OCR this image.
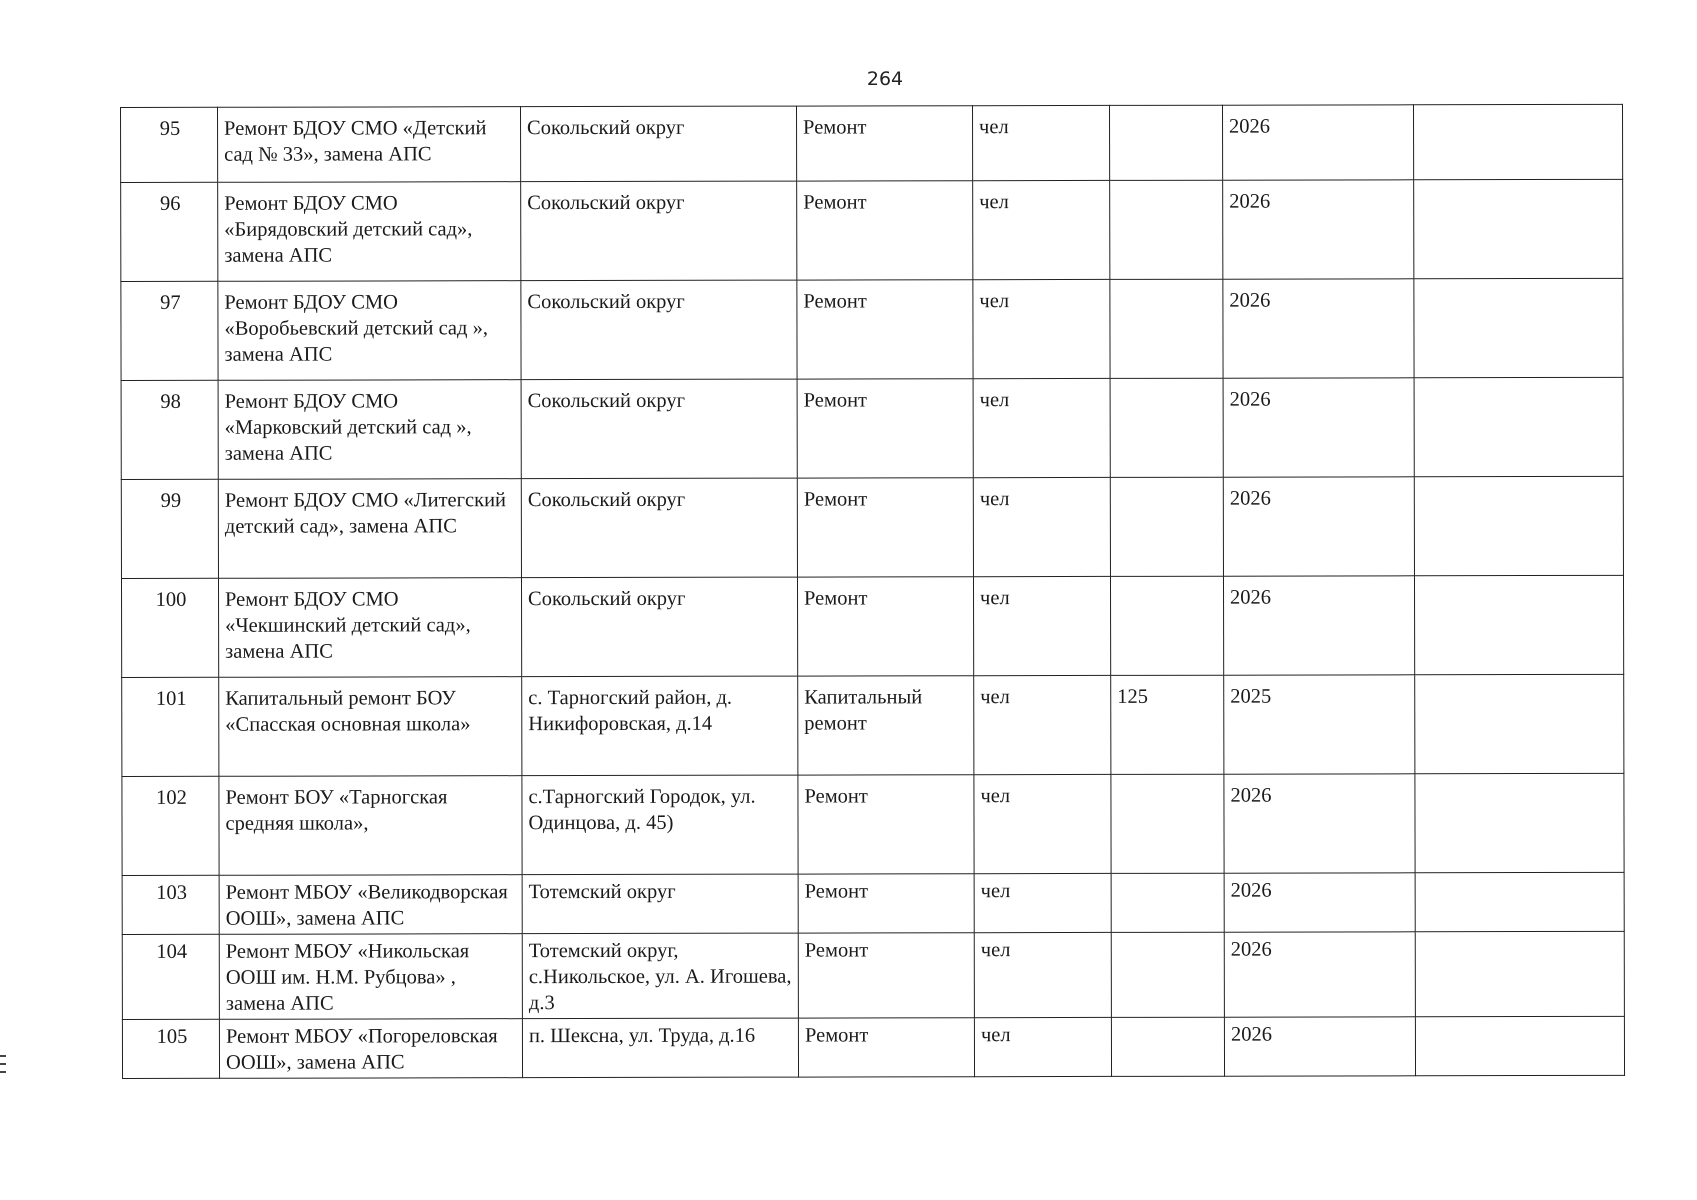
264
95	Ремонт БДОУ СМО «Детский сад № 33», замена АПС	Сокольский округ	Ремонт	чел		2026	
96	Ремонт БДОУ СМО «Бирядовский детский сад», замена АПС	Сокольский округ	Ремонт	чел		2026	
97	Ремонт БДОУ СМО «Воробьевский детский сад », замена АПС	Сокольский округ	Ремонт	чел		2026	
98	Ремонт БДОУ СМО «Марковский детский сад », замена АПС	Сокольский округ	Ремонт	чел		2026	
99	Ремонт БДОУ СМО «Литегский детский сад», замена АПС	Сокольский округ	Ремонт	чел		2026	
100	Ремонт БДОУ СМО «Чекшинский детский сад», замена АПС	Сокольский округ	Ремонт	чел		2026	
101	Капитальный ремонт БОУ «Спасская основная школа»	с. Тарногский район, д. Никифоровская, д.14	Капитальный ремонт	чел	125	2025	
102	Ремонт БОУ «Тарногская средняя школа»,	с.Тарногский Городок, ул. Одинцова, д. 45)	Ремонт	чел		2026	
103	Ремонт МБОУ «Великодворская ООШ», замена АПС	Тотемский округ	Ремонт	чел		2026	
104	Ремонт МБОУ «Никольская ООШ им. Н.М. Рубцова» , замена АПС	Тотемский округ, с.Никольское, ул. А. Игошева, д.3	Ремонт	чел		2026	
105	Ремонт МБОУ «Погореловская ООШ», замена АПС	п. Шексна, ул. Труда, д.16	Ремонт	чел		2026	
